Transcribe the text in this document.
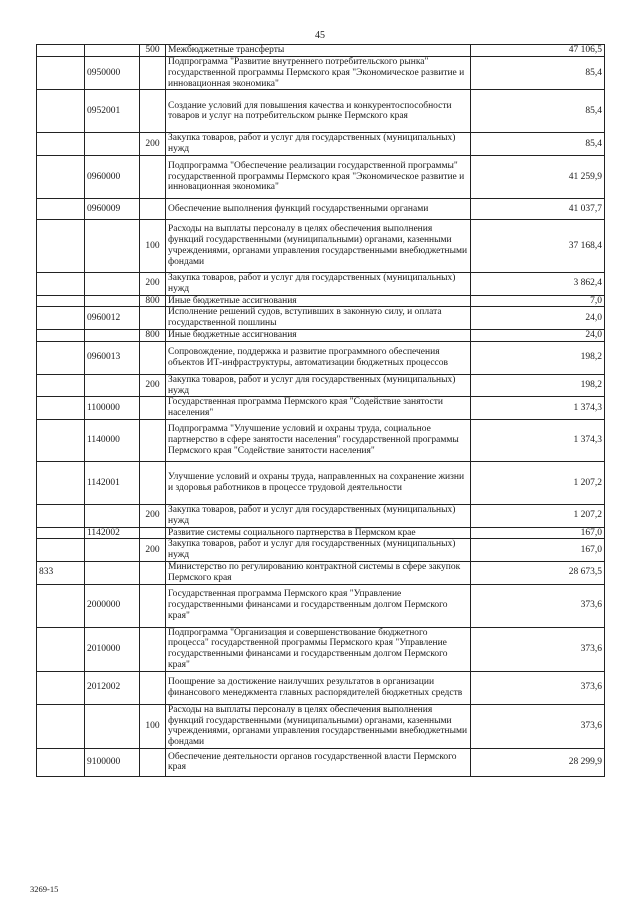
45
		500	Межбюджетные трансферты	47 106,5
	0950000		Подпрограмма "Развитие внутреннего потребительского рынка" государственной программы Пермского края "Экономическое развитие и инновационная экономика"	85,4
	0952001		Создание условий для повышения качества и конкурентоспособности товаров и услуг на потребительском рынке Пермского края	85,4
		200	Закупка товаров, работ и услуг для государственных (муниципальных) нужд	85,4
	0960000		Подпрограмма "Обеспечение реализации государственной программы" государственной программы Пермского края "Экономическое развитие и инновационная экономика"	41 259,9
	0960009		Обеспечение выполнения функций государственными органами	41 037,7
		100	Расходы на выплаты персоналу в целях обеспечения выполнения функций государственными (муниципальными) органами, казенными учреждениями, органами управления государственными внебюджетными фондами	37 168,4
		200	Закупка товаров, работ и услуг для государственных (муниципальных) нужд	3 862,4
		800	Иные бюджетные ассигнования	7,0
	0960012		Исполнение решений судов, вступивших в законную силу, и оплата государственной пошлины	24,0
		800	Иные бюджетные ассигнования	24,0
	0960013		Сопровождение, поддержка и развитие программного обеспечения объектов ИТ-инфраструктуры, автоматизации бюджетных процессов	198,2
		200	Закупка товаров, работ и услуг для государственных (муниципальных) нужд	198,2
	1100000		Государственная программа Пермского края "Содействие занятости населения"	1 374,3
	1140000		Подпрограмма "Улучшение условий и охраны труда, социальное партнерство в сфере занятости населения" государственной программы Пермского края "Содействие занятости населения"	1 374,3
	1142001		Улучшение условий и охраны труда, направленных на сохранение жизни и здоровья работников в процессе трудовой деятельности	1 207,2
		200	Закупка товаров, работ и услуг для государственных (муниципальных) нужд	1 207,2
	1142002		Развитие системы социального партнерства в Пермском крае	167,0
		200	Закупка товаров, работ и услуг для государственных (муниципальных) нужд	167,0
833			Министерство по регулированию контрактной системы в сфере закупок Пермского края	28 673,5
	2000000		Государственная программа Пермского края "Управление государственными финансами и государственным долгом Пермского края"	373,6
	2010000		Подпрограмма "Организация и совершенствование бюджетного процесса" государственной программы Пермского края "Управление государственными финансами и государственным долгом Пермского края"	373,6
	2012002		Поощрение за достижение наилучших результатов в организации финансового менеджмента главных распорядителей бюджетных средств	373,6
		100	Расходы на выплаты персоналу в целях обеспечения выполнения функций государственными (муниципальными) органами, казенными учреждениями, органами управления государственными внебюджетными фондами	373,6
	9100000		Обеспечение деятельности органов государственной власти Пермского края	28 299,9
3269-15
